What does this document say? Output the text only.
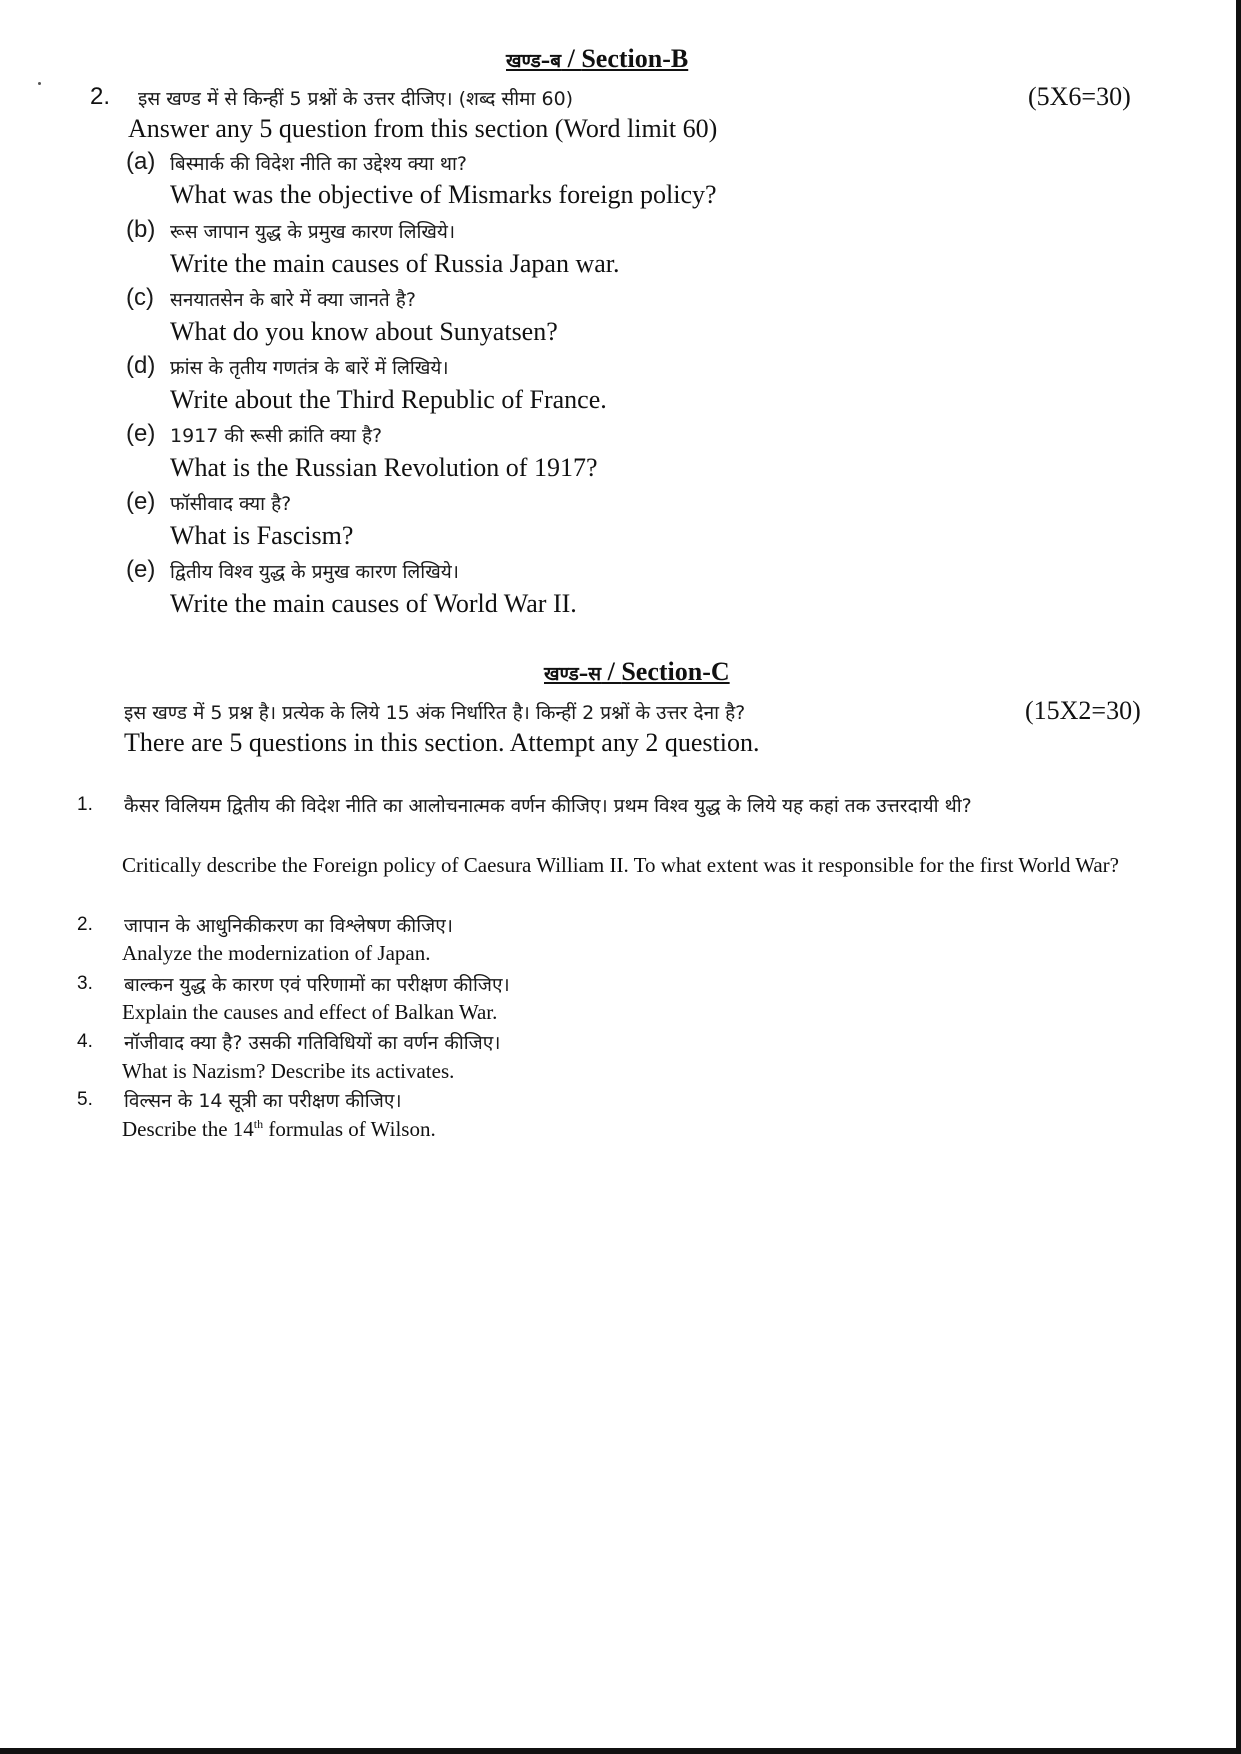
खण्ड–ब / Section-B
2. इस खण्ड में से किन्हीं 5 प्रश्नों के उत्तर दीजिए। (शब्द सीमा 60)	(5X6=30)
Answer any 5 question from this section (Word limit 60)
(a) बिस्मार्क की विदेश नीति का उद्देश्य क्या था?
What was the objective of Mismarks foreign policy?
(b) रूस जापान युद्ध के प्रमुख कारण लिखिये।
Write the main causes of Russia Japan war.
(c) सनयातसेन के बारे में क्या जानते है?
What do you know about Sunyatsen?
(d) फ्रांस के तृतीय गणतंत्र के बारें में लिखिये।
Write about the Third Republic of France.
(e) 1917 की रूसी क्रांति क्या है?
What is the Russian Revolution of 1917?
(e) फॉसीवाद क्या है?
What is Fascism?
(e) द्वितीय विश्व युद्ध के प्रमुख कारण लिखिये।
Write the main causes of World War II.
खण्ड–स / Section-C
इस खण्ड में 5 प्रश्न है। प्रत्येक के लिये 15 अंक निर्धारित है। किन्हीं 2 प्रश्नों के उत्तर देना है?	(15X2=30)
There are 5 questions in this section. Attempt any 2 question.
1. कैसर विलियम द्वितीय की विदेश नीति का आलोचनात्मक वर्णन कीजिए। प्रथम विश्व युद्ध के लिये यह कहां तक उत्तरदायी थी?
Critically describe the Foreign policy of Caesura William II. To what extent was it responsible for the first World War?
2. जापान के आधुनिकीकरण का विश्लेषण कीजिए।
Analyze the modernization of Japan.
3. बाल्कन युद्ध के कारण एवं परिणामों का परीक्षण कीजिए।
Explain the causes and effect of Balkan War.
4. नॉजीवाद क्या है? उसकी गतिविधियों का वर्णन कीजिए।
What is Nazism? Describe its activates.
5. विल्सन के 14 सूत्री का परीक्षण कीजिए।
Describe the 14th formulas of Wilson.
